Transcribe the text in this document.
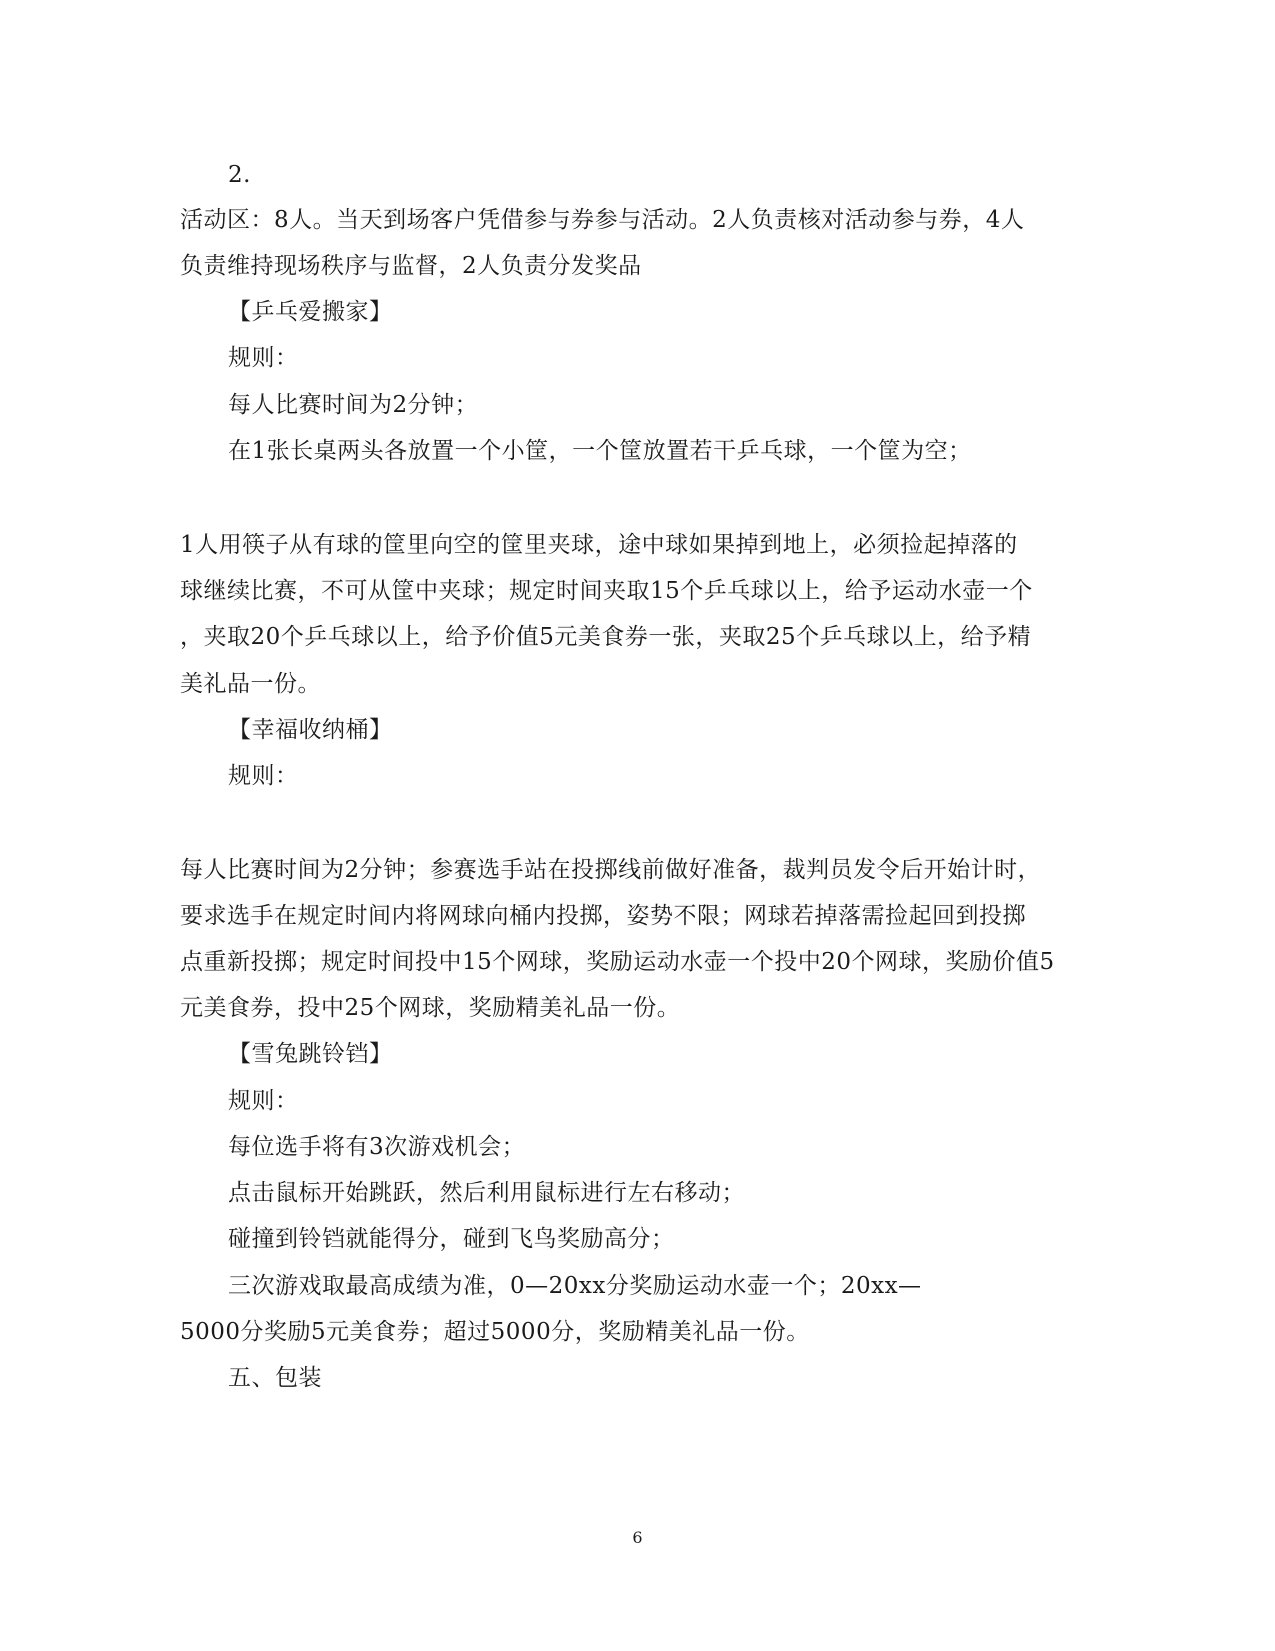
2.
活动区：8人。当天到场客户凭借参与券参与活动。2人负责核对活动参与券，4人
负责维持现场秩序与监督，2人负责分发奖品
【乒乓爱搬家】
规则：
每人比赛时间为2分钟；
在1张长桌两头各放置一个小筐，一个筐放置若干乒乓球，一个筐为空；
1人用筷子从有球的筐里向空的筐里夹球，途中球如果掉到地上，必须捡起掉落的
球继续比赛，不可从筐中夹球；规定时间夹取15个乒乓球以上，给予运动水壶一个
，夹取20个乒乓球以上，给予价值5元美食券一张，夹取25个乒乓球以上，给予精
美礼品一份。
【幸福收纳桶】
规则：
每人比赛时间为2分钟；参赛选手站在投掷线前做好准备，裁判员发令后开始计时，
要求选手在规定时间内将网球向桶内投掷，姿势不限；网球若掉落需捡起回到投掷
点重新投掷；规定时间投中15个网球，奖励运动水壶一个投中20个网球，奖励价值5
元美食券，投中25个网球，奖励精美礼品一份。
【雪兔跳铃铛】
规则：
每位选手将有3次游戏机会；
点击鼠标开始跳跃，然后利用鼠标进行左右移动；
碰撞到铃铛就能得分，碰到飞鸟奖励高分；
三次游戏取最高成绩为准，0—20xx分奖励运动水壶一个；20xx—
5000分奖励5元美食券；超过5000分，奖励精美礼品一份。
五、包装
6
